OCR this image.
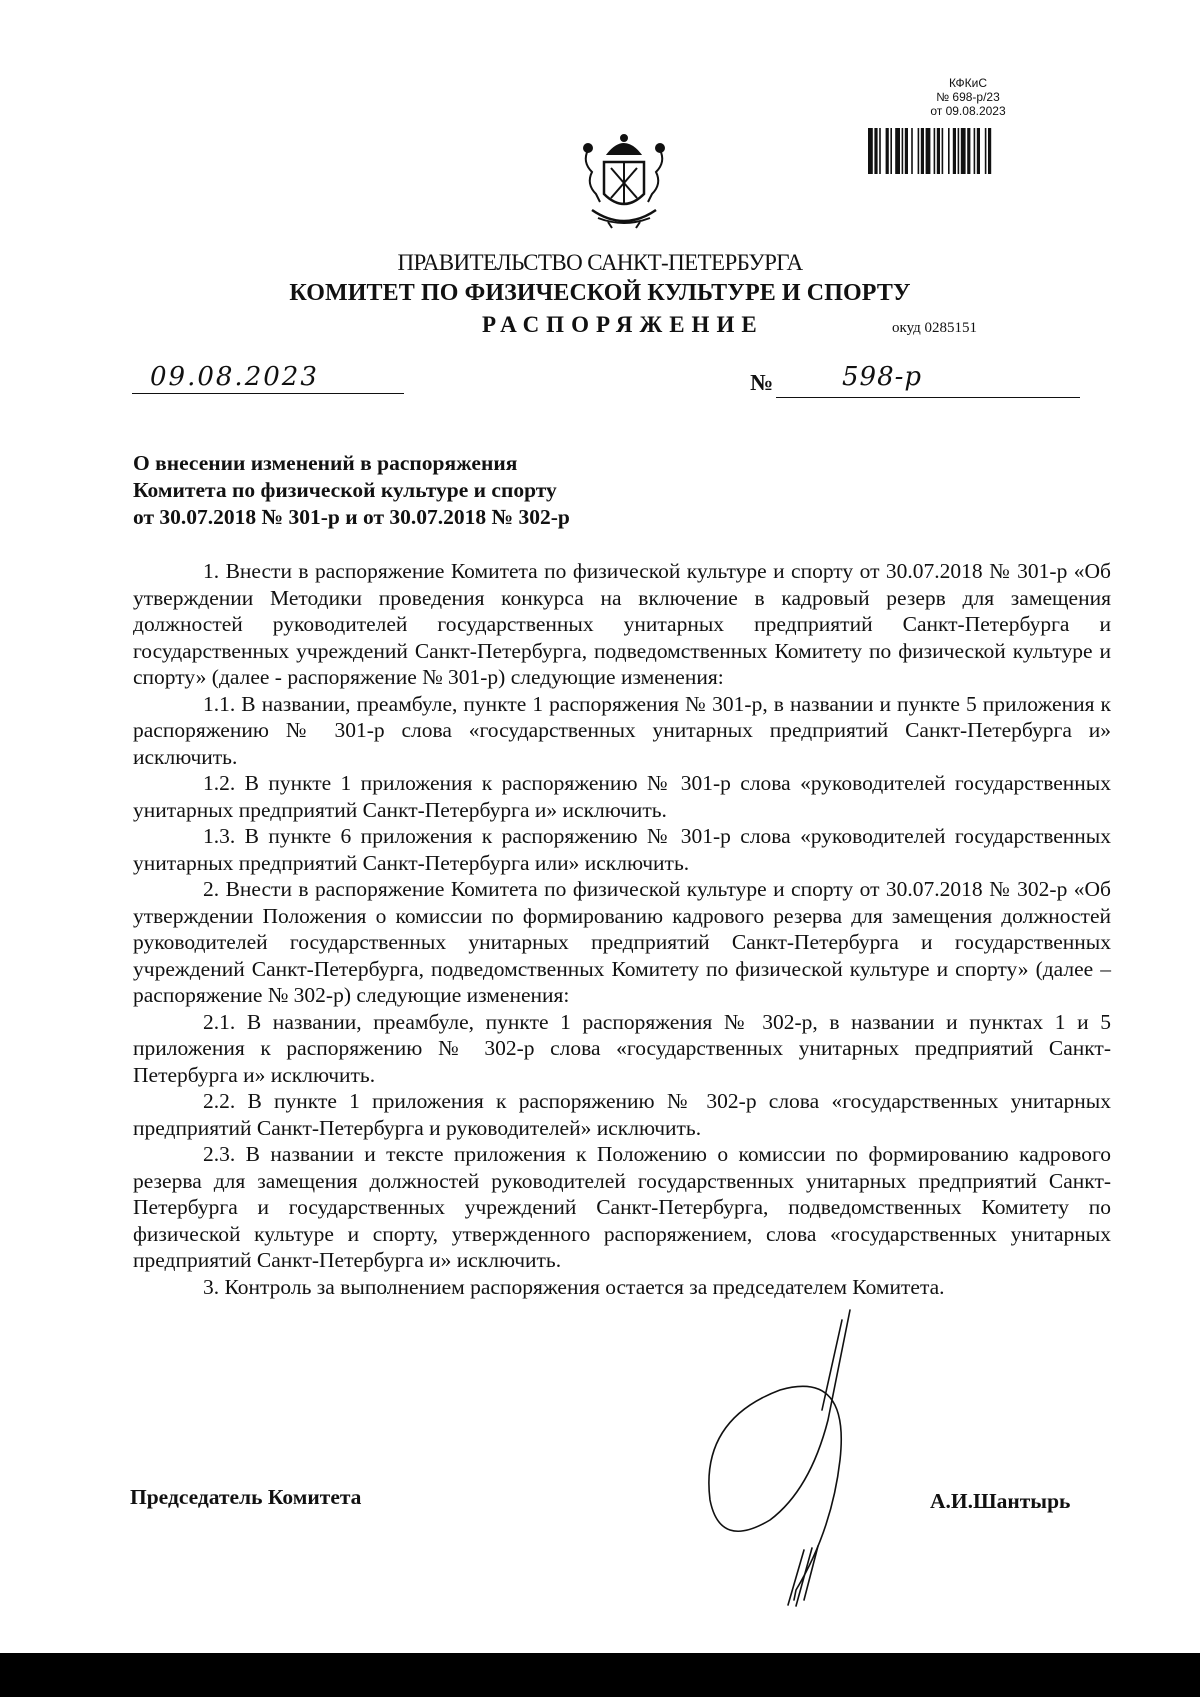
КФКиС
№ 698-р/23
от 09.08.2023
ПРАВИТЕЛЬСТВО САНКТ-ПЕТЕРБУРГА
КОМИТЕТ ПО ФИЗИЧЕСКОЙ КУЛЬТУРЕ И СПОРТУ
РАСПОРЯЖЕНИЕ	окуд 0285151
09.08.2023	№	598-р
О внесении изменений в распоряжения
Комитета по физической культуре и спорту
от 30.07.2018 № 301-р и от 30.07.2018 № 302-р

1. Внести в распоряжение Комитета по физической культуре и спорту от 30.07.2018 № 301-р «Об утверждении Методики проведения конкурса на включение в кадровый резерв для замещения должностей руководителей государственных унитарных предприятий Санкт-Петербурга и государственных учреждений Санкт-Петербурга, подведомственных Комитету по физической культуре и спорту» (далее - распоряжение № 301-р) следующие изменения:

1.1. В названии, преамбуле, пункте 1 распоряжения № 301-р, в названии и пункте 5 приложения к распоряжению № 301-р слова «государственных унитарных предприятий Санкт-Петербурга и» исключить.

1.2. В пункте 1 приложения к распоряжению № 301-р слова «руководителей государственных унитарных предприятий Санкт-Петербурга и» исключить.

1.3. В пункте 6 приложения к распоряжению № 301-р слова «руководителей государственных унитарных предприятий Санкт-Петербурга или» исключить.

2. Внести в распоряжение Комитета по физической культуре и спорту от 30.07.2018 № 302-р «Об утверждении Положения о комиссии по формированию кадрового резерва для замещения должностей руководителей государственных унитарных предприятий Санкт-Петербурга и государственных учреждений Санкт-Петербурга, подведомственных Комитету по физической культуре и спорту» (далее – распоряжение № 302-р) следующие изменения:

2.1. В названии, преамбуле, пункте 1 распоряжения № 302-р, в названии и пунктах 1 и 5 приложения к распоряжению № 302-р слова «государственных унитарных предприятий Санкт-Петербурга и» исключить.

2.2. В пункте 1 приложения к распоряжению № 302-р слова «государственных унитарных предприятий Санкт-Петербурга и руководителей» исключить.

2.3. В названии и тексте приложения к Положению о комиссии по формированию кадрового резерва для замещения должностей руководителей государственных унитарных предприятий Санкт-Петербурга и государственных учреждений Санкт-Петербурга, подведомственных Комитету по физической культуре и спорту, утвержденного распоряжением, слова «государственных унитарных предприятий Санкт-Петербурга и» исключить.

3. Контроль за выполнением распоряжения остается за председателем Комитета.

Председатель Комитета	А.И.Шантырь
